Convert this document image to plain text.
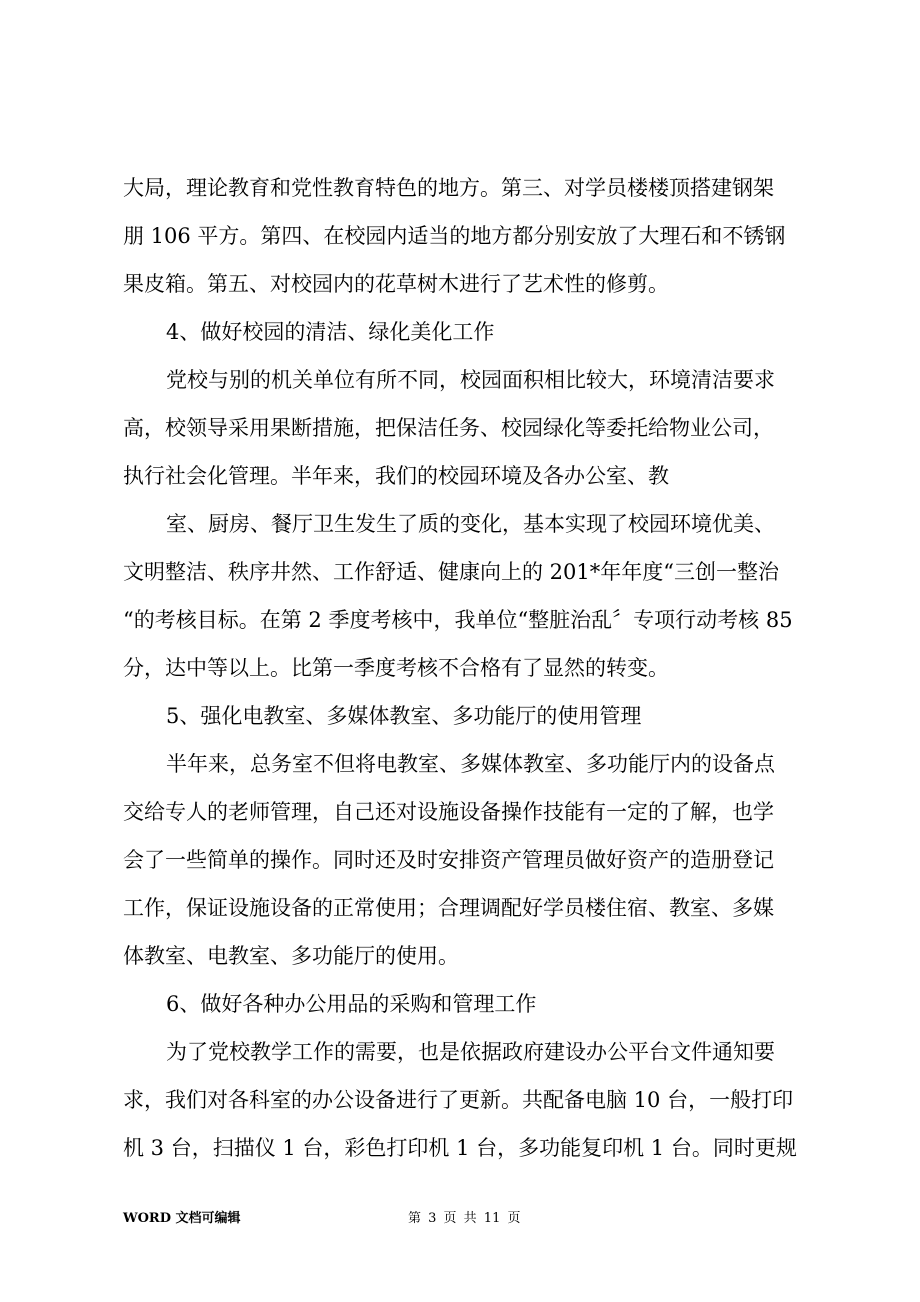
大局，理论教育和党性教育特色的地方。第三、对学员楼楼顶搭建钢架
朋 106 平方。第四、在校园内适当的地方都分别安放了大理石和不锈钢
果皮箱。第五、对校园内的花草树木进行了艺术性的修剪。
4、做好校园的清洁、绿化美化工作
党校与别的机关单位有所不同，校园面积相比较大，环境清洁要求
高，校领导采用果断措施，把保洁任务、校园绿化等委托给物业公司，
执行社会化管理。半年来，我们的校园环境及各办公室、教
室、厨房、餐厅卫生发生了质的变化，基本实现了校园环境优美、
文明整洁、秩序井然、工作舒适、健康向上的 201*年年度“三创一整治
“的考核目标。在第 2 季度考核中，我单位“整脏治乱〞专项行动考核 85
分，达中等以上。比第一季度考核不合格有了显然的转变。
5、强化电教室、多媒体教室、多功能厅的使用管理
半年来，总务室不但将电教室、多媒体教室、多功能厅内的设备点
交给专人的老师管理，自己还对设施设备操作技能有一定的了解，也学
会了一些简单的操作。同时还及时安排资产管理员做好资产的造册登记
工作，保证设施设备的正常使用；合理调配好学员楼住宿、教室、多媒
体教室、电教室、多功能厅的使用。
6、做好各种办公用品的采购和管理工作
为了党校教学工作的需要，也是依据政府建设办公平台文件通知要
求，我们对各科室的办公设备进行了更新。共配备电脑 10 台，一般打印
机 3 台，扫描仪 1 台，彩色打印机 1 台，多功能复印机 1 台。同时更规
WORD 文档可编辑	第 3 页 共 11 页
